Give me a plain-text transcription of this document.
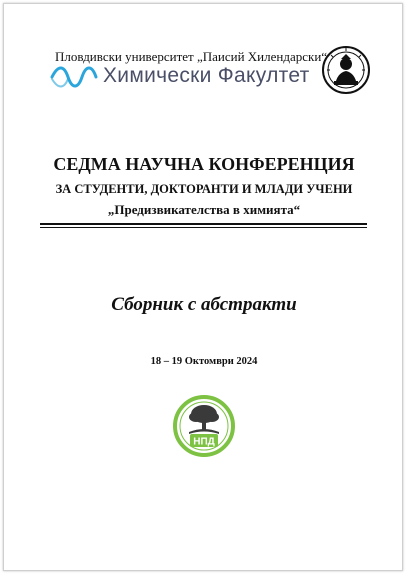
Пловдивски университет „Паисий Хилендарски“
Химически Факултет
СЕДМА НАУЧНА КОНФЕРЕНЦИЯ
ЗА СТУДЕНТИ, ДОКТОРАНТИ И МЛАДИ УЧЕНИ
„Предизвикателства в химията“
Сборник с абстракти
18 – 19 Октомври 2024
НПД
